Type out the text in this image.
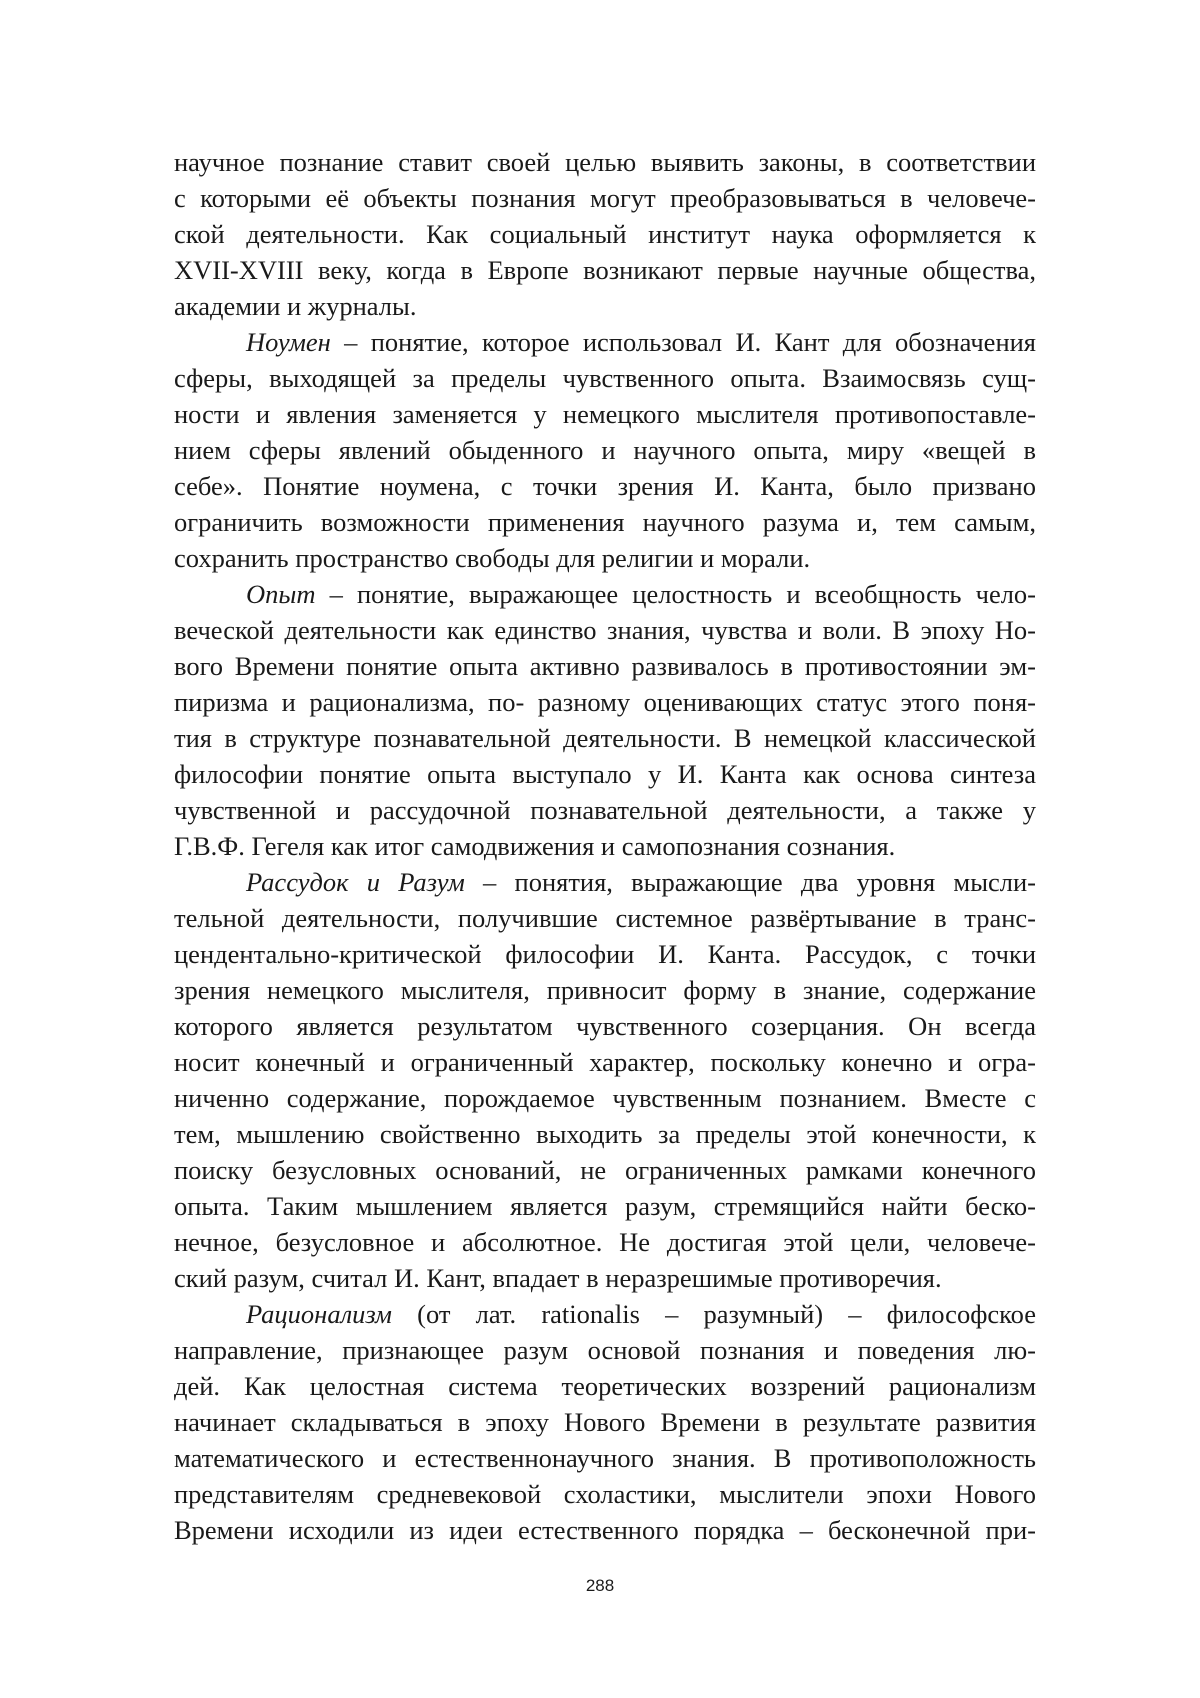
научное познание ставит своей целью выявить законы, в соответствии
с которыми её объекты познания могут преобразовываться в человече-
ской деятельности. Как социальный институт наука оформляется к
XVII-XVIII веку, когда в Европе возникают первые научные общества,
академии и журналы.
Ноумен – понятие, которое использовал И. Кант для обозначения
сферы, выходящей за пределы чувственного опыта. Взаимосвязь сущ-
ности и явления заменяется у немецкого мыслителя противопоставле-
нием сферы явлений обыденного и научного опыта, миру «вещей в
себе». Понятие ноумена, с точки зрения И. Канта, было призвано
ограничить возможности применения научного разума и, тем самым,
сохранить пространство свободы для религии и морали.
Опыт – понятие, выражающее целостность и всеобщность чело-
веческой деятельности как единство знания, чувства и воли. В эпоху Но-
вого Времени понятие опыта активно развивалось в противостоянии эм-
пиризма и рационализма, по- разному оценивающих статус этого поня-
тия в структуре познавательной деятельности. В немецкой классической
философии понятие опыта выступало у И. Канта как основа синтеза
чувственной и рассудочной познавательной деятельности, а также у
Г.В.Ф. Гегеля как итог самодвижения и самопознания сознания.
Рассудок и Разум – понятия, выражающие два уровня мысли-
тельной деятельности, получившие системное развёртывание в транс-
цендентально-критической философии И. Канта. Рассудок, с точки
зрения немецкого мыслителя, привносит форму в знание, содержание
которого является результатом чувственного созерцания. Он всегда
носит конечный и ограниченный характер, поскольку конечно и огра-
ниченно содержание, порождаемое чувственным познанием. Вместе с
тем, мышлению свойственно выходить за пределы этой конечности, к
поиску безусловных оснований, не ограниченных рамками конечного
опыта. Таким мышлением является разум, стремящийся найти беско-
нечное, безусловное и абсолютное. Не достигая этой цели, человече-
ский разум, считал И. Кант, впадает в неразрешимые противоречия.
Рационализм (от лат. rationalis – разумный) – философское
направление, признающее разум основой познания и поведения лю-
дей. Как целостная система теоретических воззрений рационализм
начинает складываться в эпоху Нового Времени в результате развития
математического и естественнонаучного знания. В противоположность
представителям средневековой схоластики, мыслители эпохи Нового
Времени исходили из идеи естественного порядка – бесконечной при-
288
